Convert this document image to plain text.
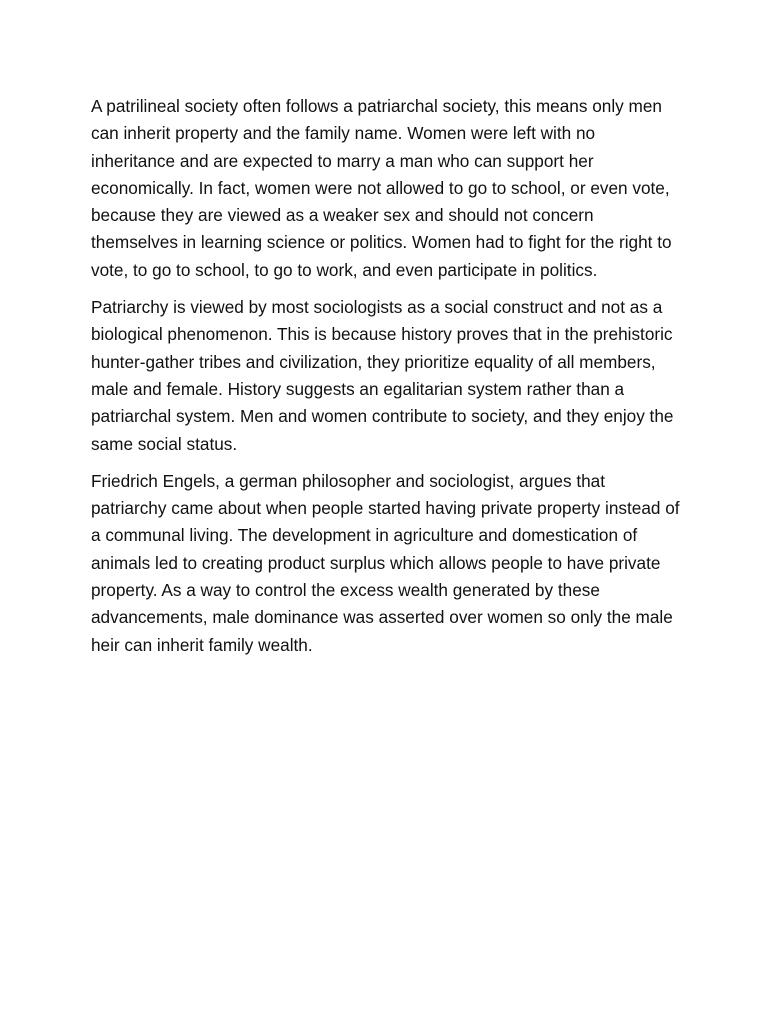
A patrilineal society often follows a patriarchal society, this means only men can inherit property and the family name. Women were left with no inheritance and are expected to marry a man who can support her economically. In fact, women were not allowed to go to school, or even vote, because they are viewed as a weaker sex and should not concern themselves in learning science or politics. Women had to fight for the right to vote, to go to school, to go to work, and even participate in politics.

Patriarchy is viewed by most sociologists as a social construct and not as a biological phenomenon. This is because history proves that in the prehistoric hunter-gather tribes and civilization, they prioritize equality of all members, male and female. History suggests an egalitarian system rather than a patriarchal system. Men and women contribute to society, and they enjoy the same social status.

Friedrich Engels, a german philosopher and sociologist, argues that patriarchy came about when people started having private property instead of a communal living. The development in agriculture and domestication of animals led to creating product surplus which allows people to have private property. As a way to control the excess wealth generated by these advancements, male dominance was asserted over women so only the male heir can inherit family wealth.
